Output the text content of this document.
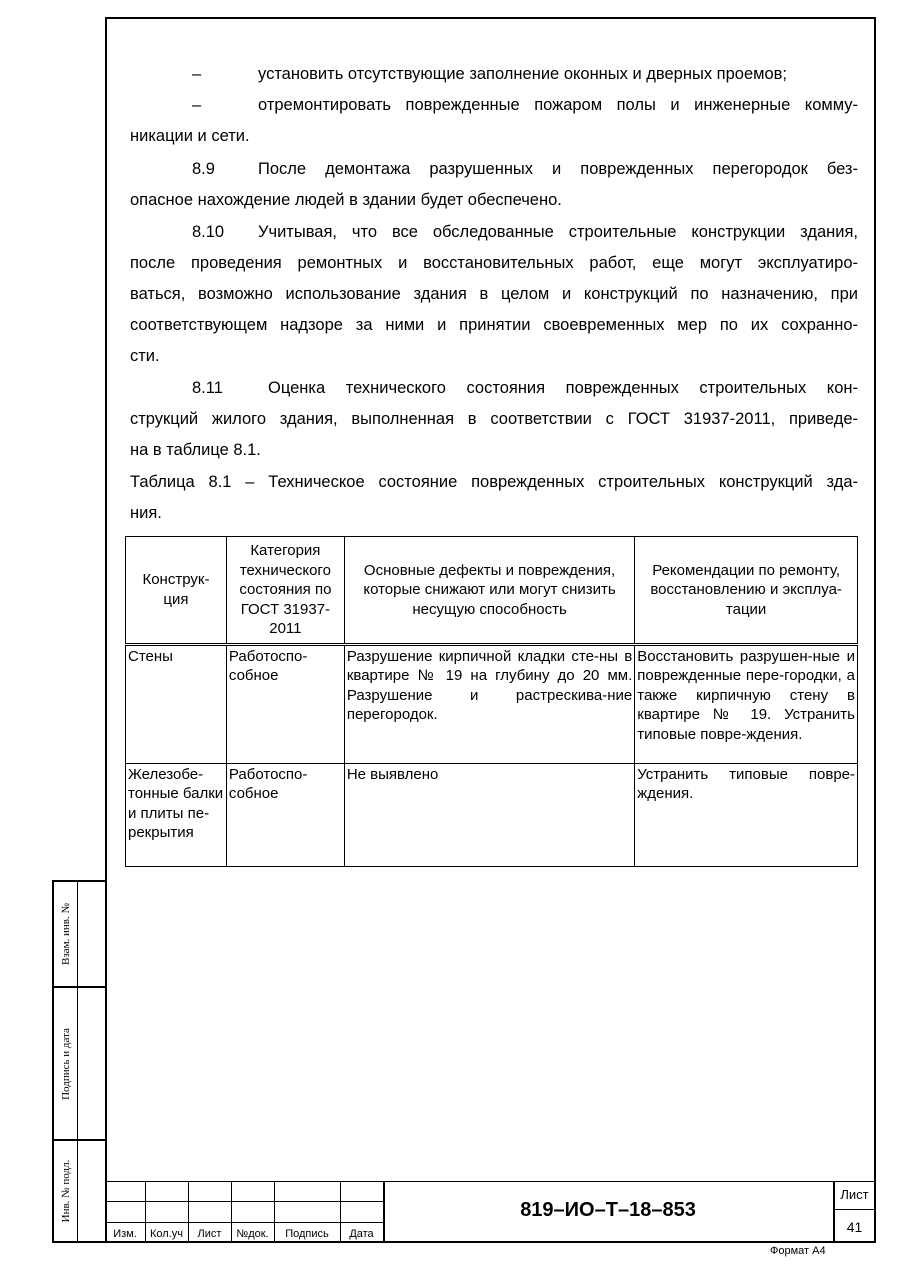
–	установить отсутствующие заполнение оконных и дверных проемов;
–	отремонтировать поврежденные пожаром полы и инженерные комму-
никации и сети.
8.9	После демонтажа разрушенных и поврежденных перегородок без-
опасное нахождение людей в здании будет обеспечено.
8.10	Учитывая, что все обследованные строительные конструкции здания,
после проведения ремонтных и восстановительных работ, еще могут эксплуатиро-
ваться, возможно использование здания в целом и конструкций по назначению, при
соответствующем надзоре за ними и принятии своевременных мер по их сохранно-
сти.
8.11	Оценка технического состояния поврежденных строительных кон-
струкций жилого здания, выполненная в соответствии с ГОСТ 31937-2011, приведе-
на в таблице 8.1.
Таблица 8.1 – Техническое состояние поврежденных строительных конструкций зда-
ния.
Конструк-
ция	Категория технического состояния по ГОСТ 31937-2011	Основные дефекты и повреждения, которые снижают или могут снизить несущую способность	Рекомендации по ремонту, восстановлению и эксплуа-тации
Стены	Работоспо-собное	Разрушение кирпичной кладки сте-ны в квартире № 19 на глубину до 20 мм. Разрушение и растрескива-ние перегородок.	Восстановить разрушен-ные и поврежденные пере-городки, а также кирпичную стену в квартире № 19. Устранить типовые повре-ждения.
Железобе-тонные балки и плиты пе-рекрытия	Работоспо-собное	Не выявлено	Устранить типовые повре-ждения.
Взам. инв. №
Подпись и дата
Инв. № подл.
Изм.	Кол.уч	Лист	№док.	Подпись	Дата
819–ИО–Т–18–853
Лист
41
Формат А4
